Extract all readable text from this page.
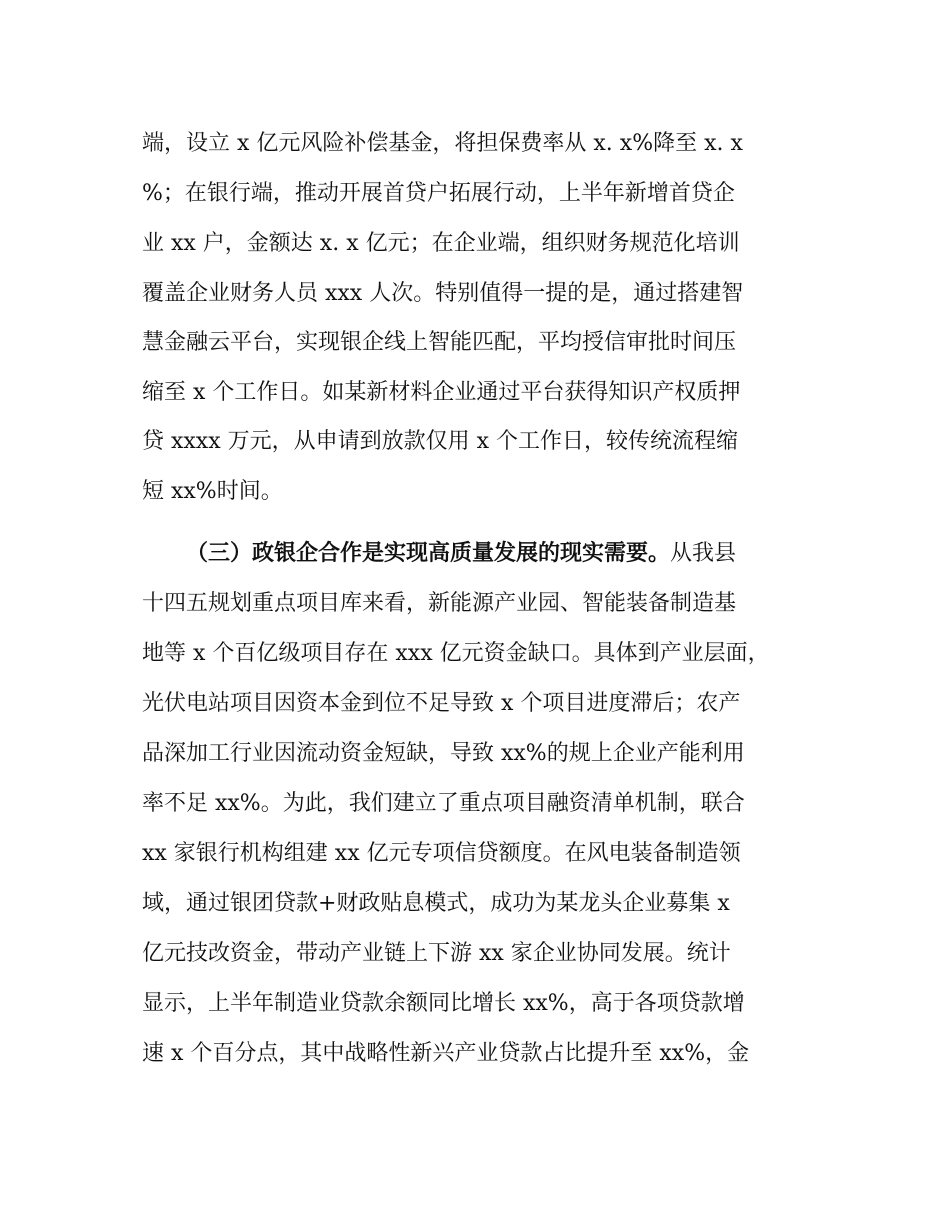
端，设立 x 亿元风险补偿基金，将担保费率从 x. x%降至 x. x
%；在银行端，推动开展首贷户拓展行动，上半年新增首贷企
业 xx 户，金额达 x. x 亿元；在企业端，组织财务规范化培训
覆盖企业财务人员 xxx 人次。特别值得一提的是，通过搭建智
慧金融云平台，实现银企线上智能匹配，平均授信审批时间压
缩至 x 个工作日。如某新材料企业通过平台获得知识产权质押
贷 xxxx 万元，从申请到放款仅用 x 个工作日，较传统流程缩
短 xx%时间。
（三）政银企合作是实现高质量发展的现实需要。从我县
十四五规划重点项目库来看，新能源产业园、智能装备制造基
地等 x 个百亿级项目存在 xxx 亿元资金缺口。具体到产业层面，
光伏电站项目因资本金到位不足导致 x 个项目进度滞后；农产
品深加工行业因流动资金短缺，导致 xx%的规上企业产能利用
率不足 xx%。为此，我们建立了重点项目融资清单机制，联合
xx 家银行机构组建 xx 亿元专项信贷额度。在风电装备制造领
域，通过银团贷款+财政贴息模式，成功为某龙头企业募集 x
亿元技改资金，带动产业链上下游 xx 家企业协同发展。统计
显示，上半年制造业贷款余额同比增长 xx%，高于各项贷款增
速 x 个百分点，其中战略性新兴产业贷款占比提升至 xx%，金
